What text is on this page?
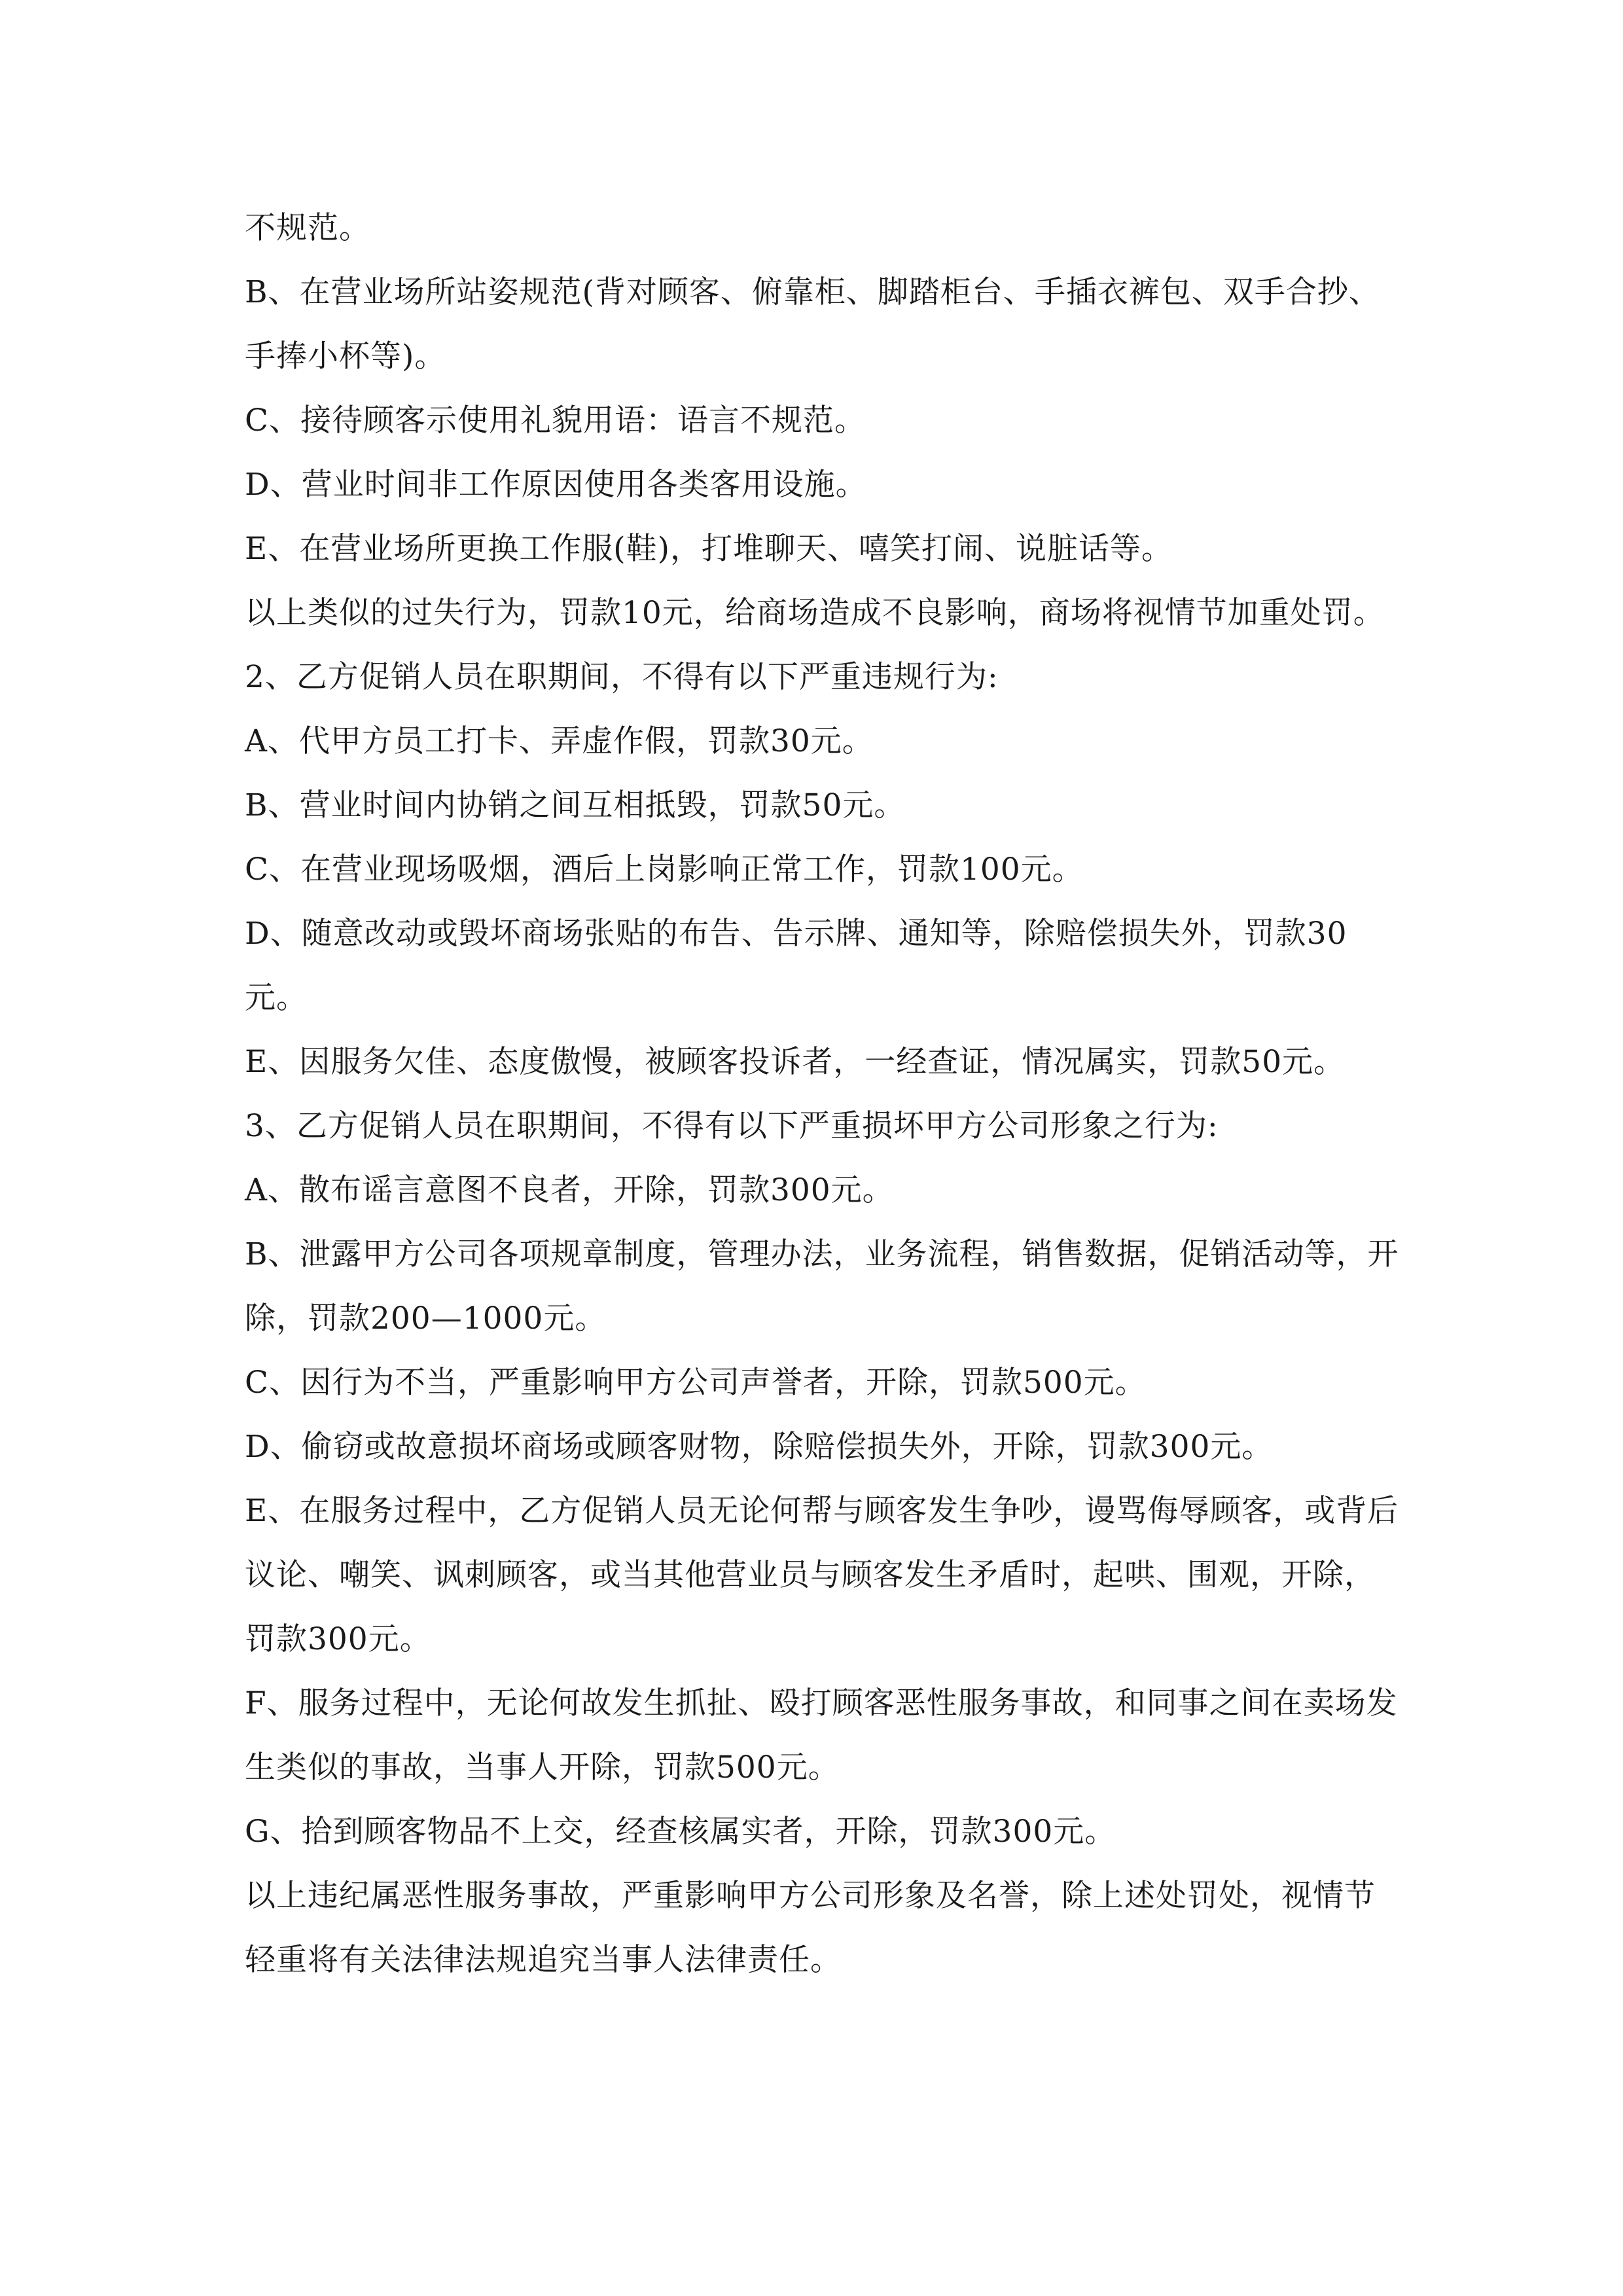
不规范。

B、在营业场所站姿规范(背对顾客、俯靠柜、脚踏柜台、手插衣裤包、双手合抄、手捧小杯等)。

C、接待顾客示使用礼貌用语：语言不规范。

D、营业时间非工作原因使用各类客用设施。

E、在营业场所更换工作服(鞋)，打堆聊天、嘻笑打闹、说脏话等。

以上类似的过失行为，罚款10元，给商场造成不良影响，商场将视情节加重处罚。

2、乙方促销人员在职期间，不得有以下严重违规行为:

A、代甲方员工打卡、弄虚作假，罚款30元。

B、营业时间内协销之间互相抵毁，罚款50元。

C、在营业现场吸烟，酒后上岗影响正常工作，罚款100元。

D、随意改动或毁坏商场张贴的布告、告示牌、通知等，除赔偿损失外，罚款30元。

E、因服务欠佳、态度傲慢，被顾客投诉者，一经查证，情况属实，罚款50元。

3、乙方促销人员在职期间，不得有以下严重损坏甲方公司形象之行为:

A、散布谣言意图不良者，开除，罚款300元。

B、泄露甲方公司各项规章制度，管理办法，业务流程，销售数据，促销活动等，开除，罚款200—1000元。

C、因行为不当，严重影响甲方公司声誉者，开除，罚款500元。

D、偷窃或故意损坏商场或顾客财物，除赔偿损失外，开除，罚款300元。

E、在服务过程中，乙方促销人员无论何帮与顾客发生争吵，谩骂侮辱顾客，或背后议论、嘲笑、讽刺顾客，或当其他营业员与顾客发生矛盾时，起哄、围观，开除，罚款300元。

F、服务过程中，无论何故发生抓扯、殴打顾客恶性服务事故，和同事之间在卖场发生类似的事故，当事人开除，罚款500元。

G、拾到顾客物品不上交，经查核属实者，开除，罚款300元。

以上违纪属恶性服务事故，严重影响甲方公司形象及名誉，除上述处罚处，视情节轻重将有关法律法规追究当事人法律责任。
